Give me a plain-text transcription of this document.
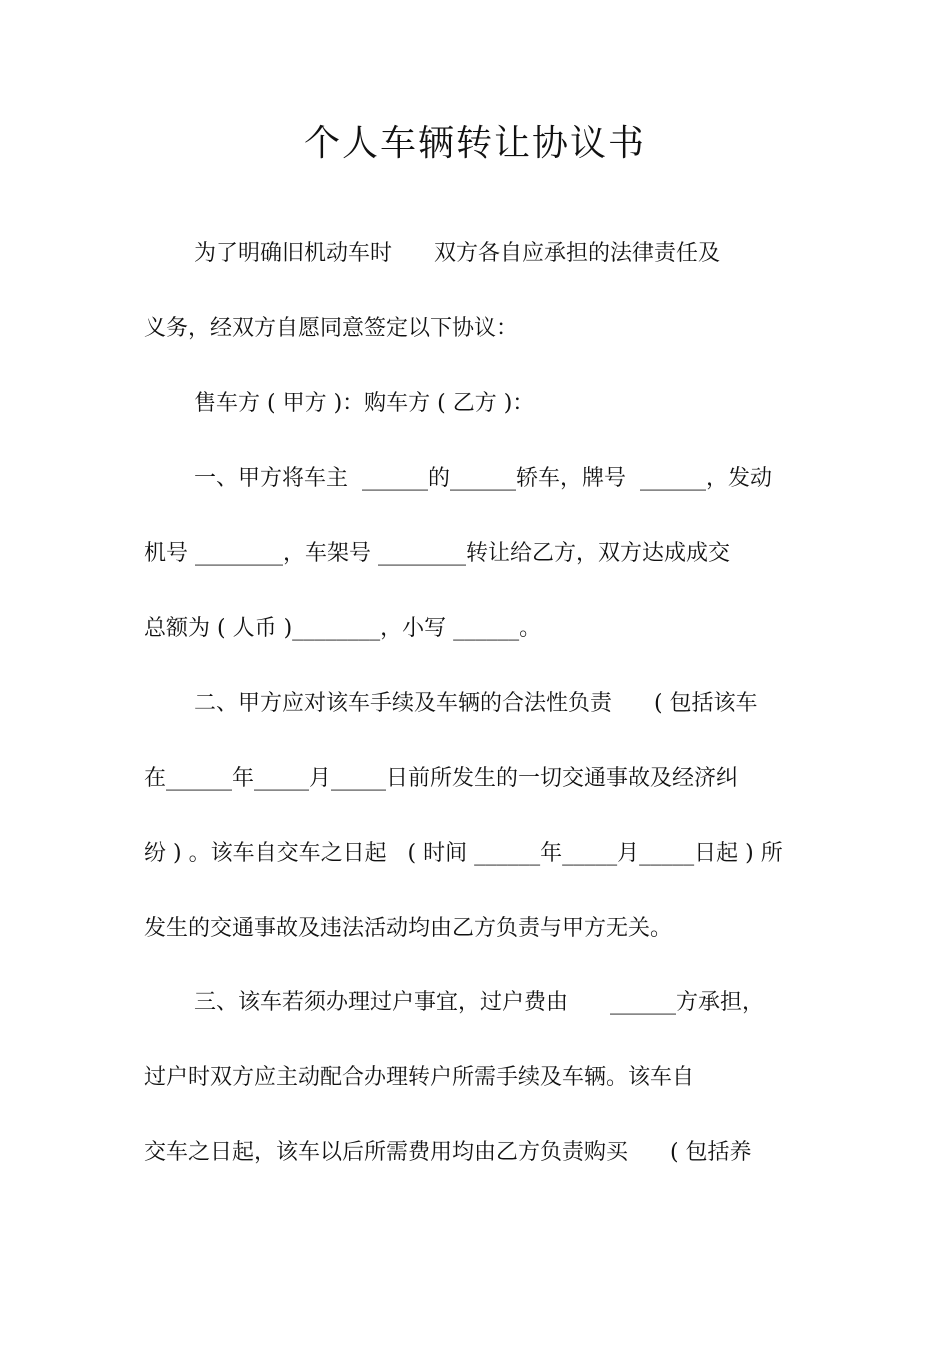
个人车辆转让协议书
为了明确旧机动车时      双方各自应承担的法律责任及
义务，经双方自愿同意签定以下协议：
售车方 ( 甲方 )：购车方 ( 乙方 )：
一、甲方将车主  ______的______轿车，牌号  ______，发动
机号 ________，车架号 ________转让给乙方，双方达成成交
总额为 ( 人币 )________，小写 ______。
二、甲方应对该车手续及车辆的合法性负责      ( 包括该车
在______年_____月_____日前所发生的一切交通事故及经济纠
纷 ) 。该车自交车之日起   ( 时间 ______年_____月_____日起 ) 所
发生的交通事故及违法活动均由乙方负责与甲方无关。
三、该车若须办理过户事宜，过户费由      ______方承担，
过户时双方应主动配合办理转户所需手续及车辆。该车自
交车之日起，该车以后所需费用均由乙方负责购买      ( 包括养
